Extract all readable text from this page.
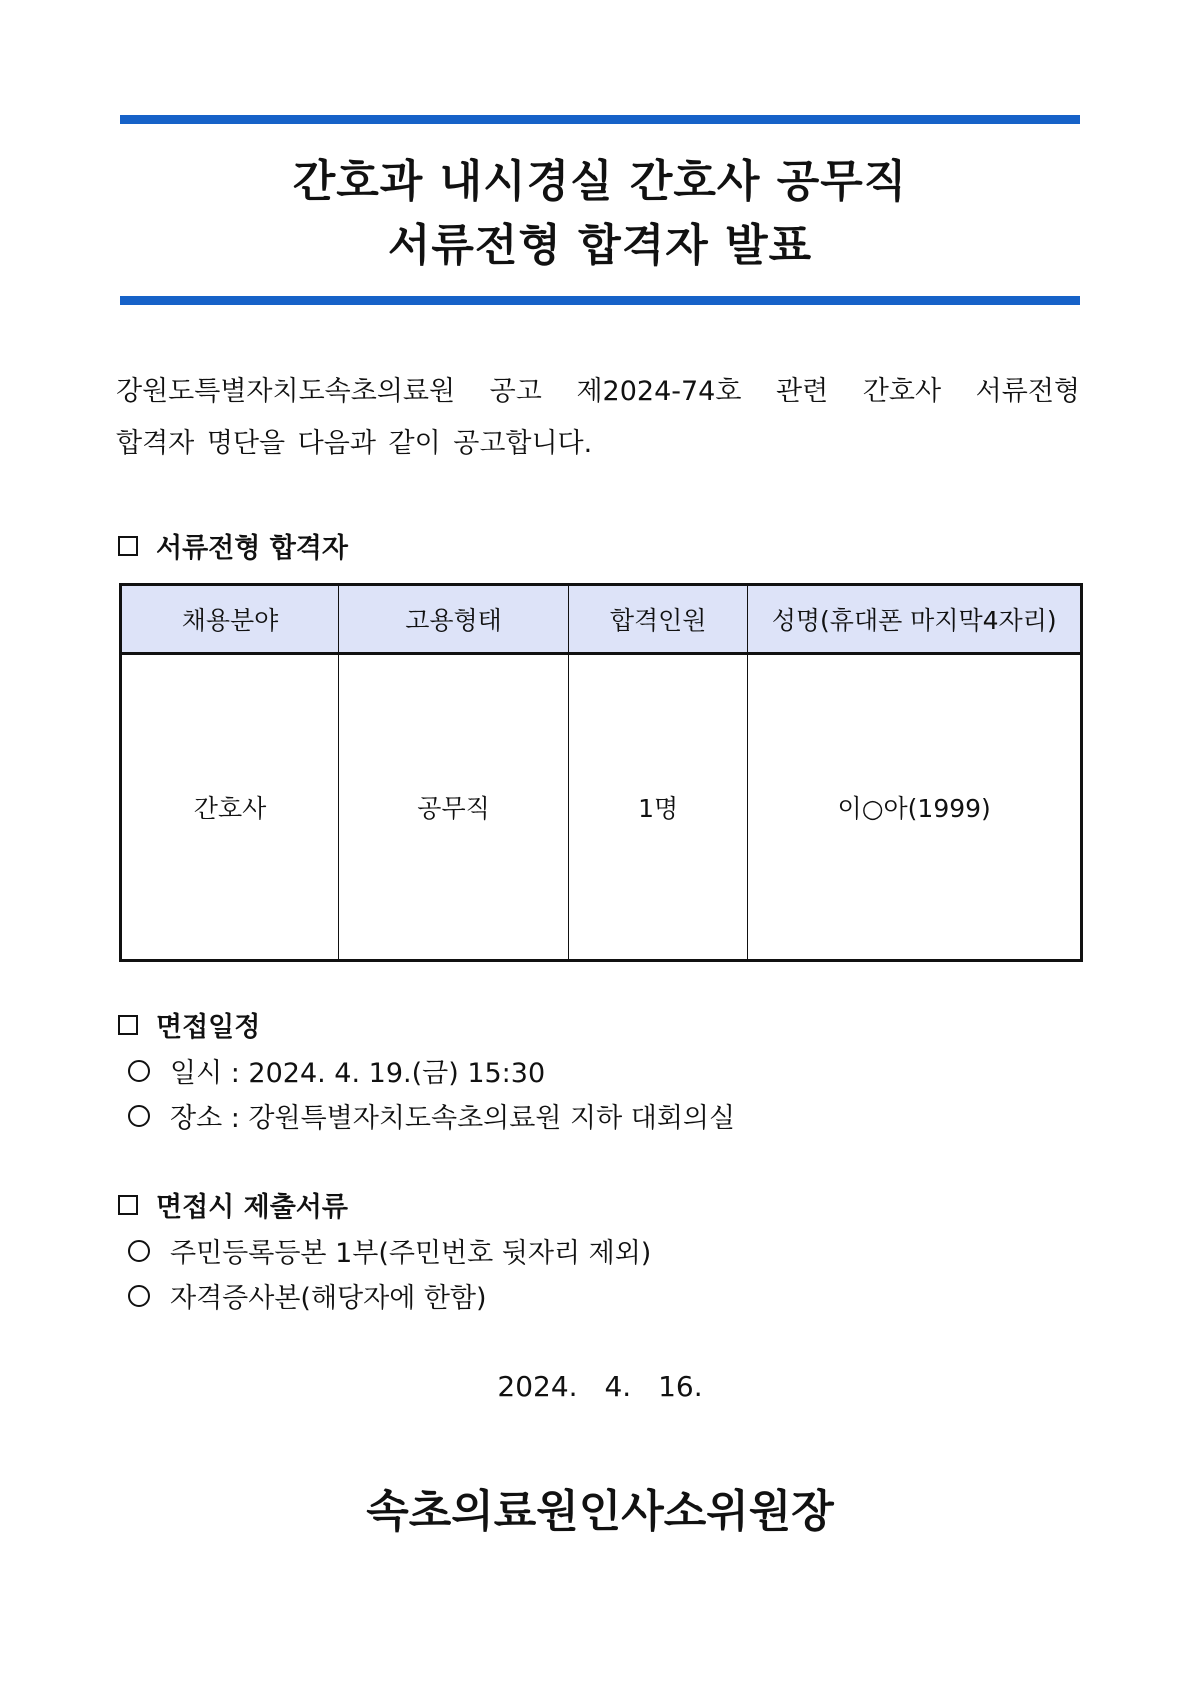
간호과 내시경실 간호사 공무직
서류전형 합격자 발표
강원도특별자치도속초의료원 공고 제2024-74호 관련 간호사 서류전형
합격자 명단을 다음과 같이 공고합니다.
서류전형 합격자
채용분야	고용형태	합격인원	성명(휴대폰 마지막4자리)
간호사	공무직	1명	이○아(1999)
면접일정
일시 : 2024. 4. 19.(금) 15:30
장소 : 강원특별자치도속초의료원 지하 대회의실
면접시 제출서류
주민등록등본 1부(주민번호 뒷자리 제외)
자격증사본(해당자에 한함)
2024. 4. 16.
속초의료원인사소위원장
